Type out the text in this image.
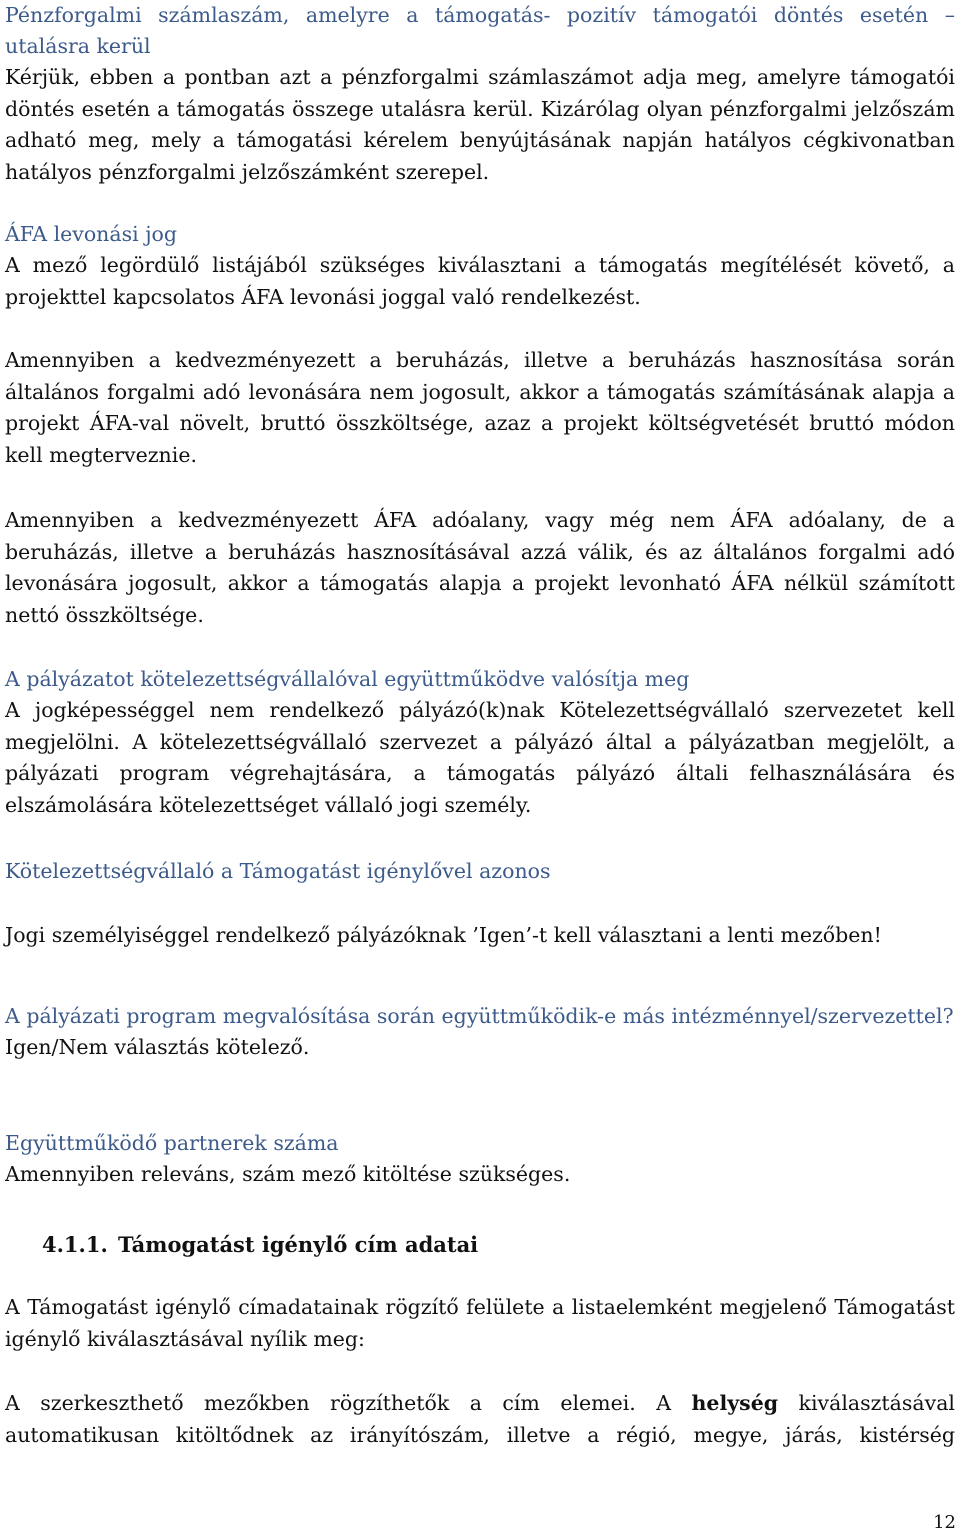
Pénzforgalmi számlaszám, amelyre a támogatás- pozitív támogatói döntés esetén – utalásra kerül
Kérjük, ebben a pontban azt a pénzforgalmi számlaszámot adja meg, amelyre támogatói döntés esetén a támogatás összege utalásra kerül. Kizárólag olyan pénzforgalmi jelzőszám adható meg, mely a támogatási kérelem benyújtásának napján hatályos cégkivonatban hatályos pénzforgalmi jelzőszámként szerepel.
ÁFA levonási jog
A mező legördülő listájából szükséges kiválasztani a támogatás megítélését követő, a projekttel kapcsolatos ÁFA levonási joggal való rendelkezést.
Amennyiben a kedvezményezett a beruházás, illetve a beruházás hasznosítása során általános forgalmi adó levonására nem jogosult, akkor a támogatás számításának alapja a projekt ÁFA-val növelt, bruttó összköltsége, azaz a projekt költségvetését bruttó módon kell megterveznie.
Amennyiben a kedvezményezett ÁFA adóalany, vagy még nem ÁFA adóalany, de a beruházás, illetve a beruházás hasznosításával azzá válik, és az általános forgalmi adó levonására jogosult, akkor a támogatás alapja a projekt levonható ÁFA nélkül számított nettó összköltsége.
A pályázatot kötelezettségvállalóval együttműködve valósítja meg
A jogképességgel nem rendelkező pályázó(k)nak Kötelezettségvállaló szervezetet kell megjelölni. A kötelezettségvállaló szervezet a pályázó által a pályázatban megjelölt, a pályázati program végrehajtására, a támogatás pályázó általi felhasználására és elszámolására kötelezettséget vállaló jogi személy.
Kötelezettségvállaló a Támogatást igénylővel azonos
Jogi személyiséggel rendelkező pályázóknak ’Igen’-t kell választani a lenti mezőben!
A pályázati program megvalósítása során együttműködik-e más intézménnyel/szervezettel?
Igen/Nem választás kötelező.
Együttműködő partnerek száma
Amennyiben releváns, szám mező kitöltése szükséges.
4.1.1. Támogatást igénylő cím adatai
A Támogatást igénylő címadatainak rögzítő felülete a listaelemként megjelenő Támogatást igénylő kiválasztásával nyílik meg:
A szerkeszthető mezőkben rögzíthetők a cím elemei. A helység kiválasztásával automatikusan kitöltődnek az irányítószám, illetve a régió, megye, járás, kistérség
12
